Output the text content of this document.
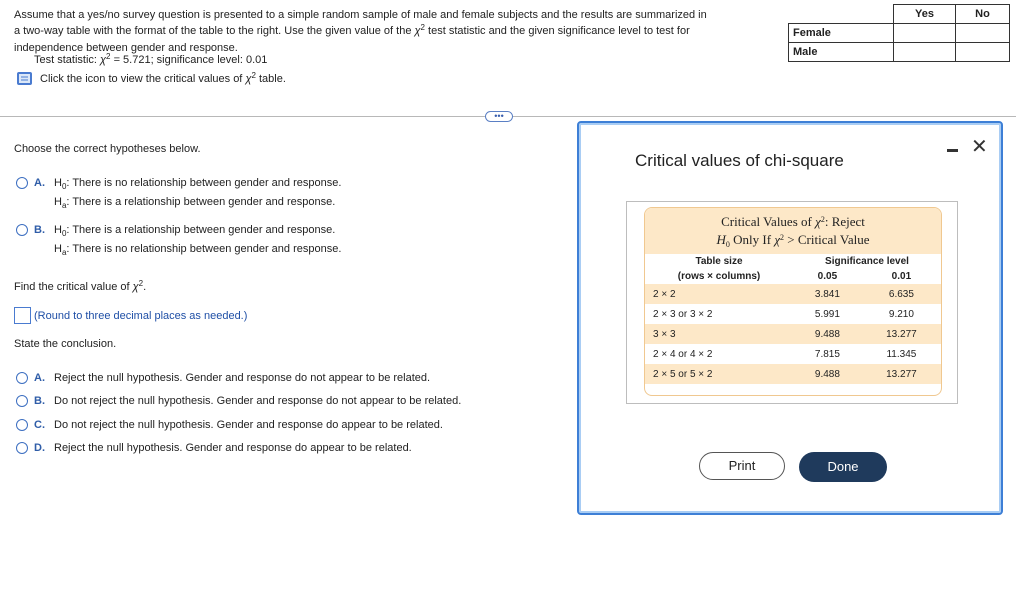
Assume that a yes/no survey question is presented to a simple random sample of male and female subjects and the results are summarized in
a two-way table with the format of the table to the right. Use the given value of the $\chi^2$ test statistic and the given significance level to test for
independence between gender and response.
Test statistic: $\chi^2 = 5.721$; significance level: 0.01
Click the icon to view the critical values of $\chi^2$ table.
	Yes	No
Female		
Male		
•••
Choose the correct hypotheses below.
A. $H_0$: There is no relationship between gender and response.
$H_a$: There is a relationship between gender and response.
B. $H_0$: There is a relationship between gender and response.
$H_a$: There is no relationship between gender and response.
Find the critical value of $\chi^2$.
(Round to three decimal places as needed.)
State the conclusion.
A. Reject the null hypothesis. Gender and response do not appear to be related.
B. Do not reject the null hypothesis. Gender and response do not appear to be related.
C. Do not reject the null hypothesis. Gender and response do appear to be related.
D. Reject the null hypothesis. Gender and response do appear to be related.
Critical values of chi-square
✕
Critical Values of $\chi^2$: Reject
$H_0$ Only If $\chi^2$ > Critical Value
Table size	Significance level	
(rows × columns)	0.05	0.01
2 × 2	3.841	6.635
2 × 3 or 3 × 2	5.991	9.210
3 × 3	9.488	13.277
2 × 4 or 4 × 2	7.815	11.345
2 × 5 or 5 × 2	9.488	13.277
Print	Done
